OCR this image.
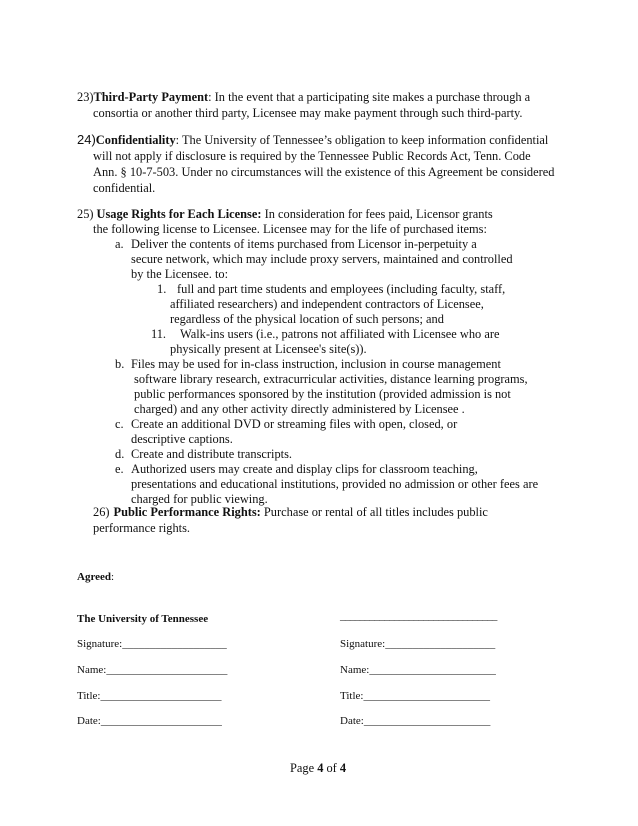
23)Third-Party Payment: In the event that a participating site makes a purchase through a
consortia or another third party, Licensee may make payment through such third-party.
24)Confidentiality: The University of Tennessee’s obligation to keep information confidential
will not apply if disclosure is required by the Tennessee Public Records Act, Tenn. Code
Ann. § 10-7-503. Under no circumstances will the existence of this Agreement be considered
confidential.
25) Usage Rights for Each License: In consideration for fees paid, Licensor grants
the following license to Licensee. Licensee may for the life of purchased items:
a. Deliver the contents of items purchased from Licensor in-perpetuity a
secure network, which may include proxy servers, maintained and controlled
by the Licensee. to:
1. full and part time students and employees (including faculty, staff,
affiliated researchers) and independent contractors of Licensee,
regardless of the physical location of such persons; and
11. Walk-ins users (i.e., patrons not affiliated with Licensee who are
physically present at Licensee's site(s)).
b. Files may be used for in-class instruction, inclusion in course management
software library research, extracurricular activities, distance learning programs,
public performances sponsored by the institution (provided admission is not
charged) and any other activity directly administered by Licensee .
c. Create an additional DVD or streaming files with open, closed, or
descriptive captions.
d. Create and distribute transcripts.
e. Authorized users may create and display clips for classroom teaching,
presentations and educational institutions, provided no admission or other fees are
charged for public viewing.
26) Public Performance Rights: Purchase or rental of all titles includes public
performance rights.
Agreed:
The University of Tennessee	________________________________
Signature:___________________	Signature:____________________
Name:______________________	Name:_______________________
Title:______________________	Title:_______________________
Date:______________________	Date:_______________________
Page 4 of 4
